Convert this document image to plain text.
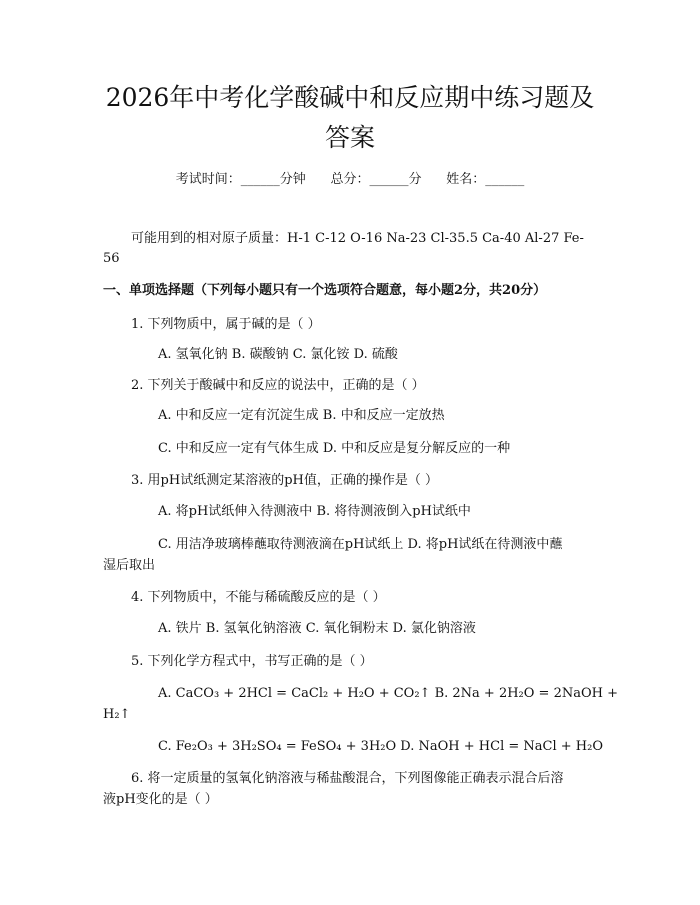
2026年中考化学酸碱中和反应期中练习题及
答案
考试时间：______分钟      总分：______分      姓名：______
可能用到的相对原子质量：H-1 C-12 O-16 Na-23 Cl-35.5 Ca-40 Al-27 Fe-
56
一、单项选择题（下列每小题只有一个选项符合题意，每小题2分，共20分）
1. 下列物质中，属于碱的是（ ）
A. 氢氧化钠 B. 碳酸钠 C. 氯化铵 D. 硫酸
2. 下列关于酸碱中和反应的说法中，正确的是（ ）
A. 中和反应一定有沉淀生成 B. 中和反应一定放热
C. 中和反应一定有气体生成 D. 中和反应是复分解反应的一种
3. 用pH试纸测定某溶液的pH值，正确的操作是（ ）
A. 将pH试纸伸入待测液中 B. 将待测液倒入pH试纸中
C. 用洁净玻璃棒蘸取待测液滴在pH试纸上 D. 将pH试纸在待测液中蘸
湿后取出
4. 下列物质中，不能与稀硫酸反应的是（ ）
A. 铁片 B. 氢氧化钠溶液 C. 氧化铜粉末 D. 氯化钠溶液
5. 下列化学方程式中，书写正确的是（ ）
A. CaCO₃ + 2HCl = CaCl₂ + H₂O + CO₂↑ B. 2Na + 2H₂O = 2NaOH +
H₂↑
C. Fe₂O₃ + 3H₂SO₄ = FeSO₄ + 3H₂O D. NaOH + HCl = NaCl + H₂O
6. 将一定质量的氢氧化钠溶液与稀盐酸混合，下列图像能正确表示混合后溶
液pH变化的是（ ）
